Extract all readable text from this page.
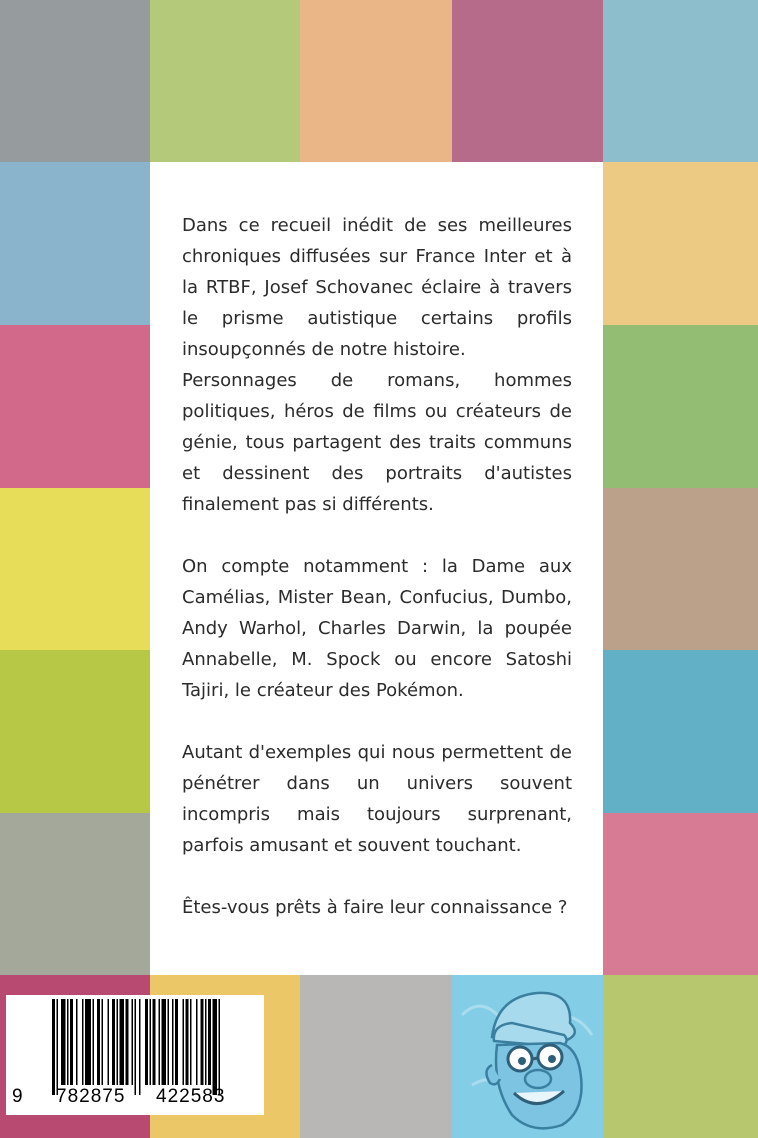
Dans ce recueil inédit de ses meilleures chroniques diffusées sur France Inter et à la RTBF, Josef Schovanec éclaire à travers le prisme autistique certains profils insoupçonnés de notre histoire.

Personnages de romans, hommes politiques, héros de films ou créateurs de génie, tous partagent des traits communs et dessinent des portraits d'autistes finalement pas si différents.

On compte notamment : la Dame aux Camélias, Mister Bean, Confucius, Dumbo, Andy Warhol, Charles Darwin, la poupée Annabelle, M. Spock ou encore Satoshi Tajiri, le créateur des Pokémon.

Autant d'exemples qui nous permettent de pénétrer dans un univers souvent incompris mais toujours surprenant, parfois amusant et souvent touchant.

Êtes-vous prêts à faire leur connaissance ?

9 782875 422583
